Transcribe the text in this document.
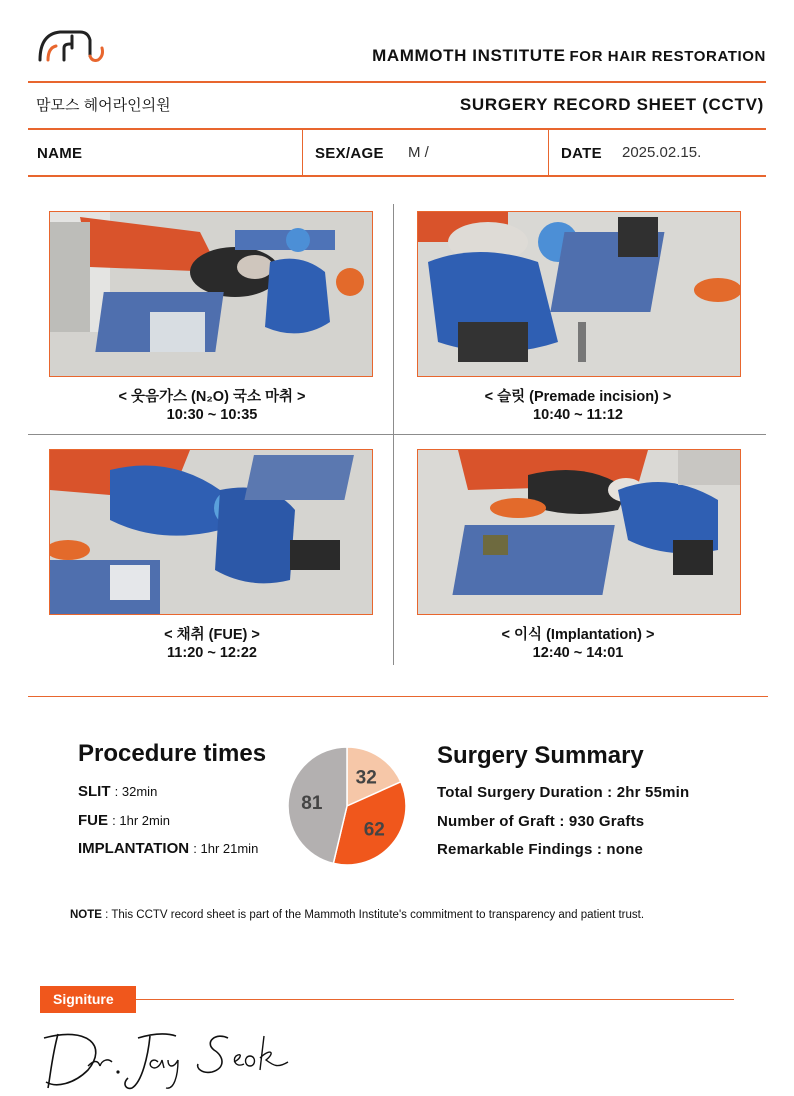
MAMMOTH INSTITUTE FOR HAIR RESTORATION
맘모스 헤어라인의원	SURGERY RECORD SHEET (CCTV)
NAME	SEX/AGE M /	DATE 2025.02.15.
< 웃음가스 (N₂O) 국소 마취 >
10:30 ~ 10:35
< 슬릿 (Premade incision) >
10:40 ~ 11:12
< 채취 (FUE) >
11:20 ~ 12:22
< 이식 (Implantation) >
12:40 ~ 14:01
Procedure times
SLIT : 32min
FUE : 1hr 2min
IMPLANTATION : 1hr 21min
32
62
81
Surgery Summary
Total Surgery Duration : 2hr 55min
Number of Graft : 930 Grafts
Remarkable Findings : none
NOTE : This CCTV record sheet is part of the Mammoth Institute's commitment to transparency and patient trust.
Signiture
